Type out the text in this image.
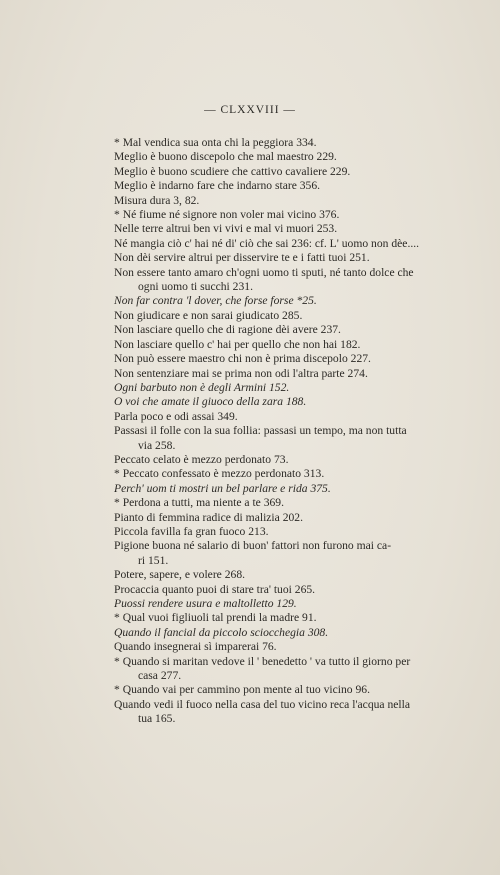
— CLXXVIII —
* Mal vendica sua onta chi la peggiora 334.
Meglio è buono discepolo che mal maestro 229.
Meglio è buono scudiere che cattivo cavaliere 229.
Meglio è indarno fare che indarno stare 356.
Misura dura 3, 82.
* Né fiume né signore non voler mai vicino 376.
Nelle terre altrui ben vi vivi e mal vi muori 253.
Né mangia ciò c' hai né di' ciò che sai 236: cf. L' uomo non dèe....
Non dèi servire altrui per disservire te e i fatti tuoi 251.
Non essere tanto amaro ch'ogni uomo ti sputi, né tanto dolce che
ogni uomo ti succhi 231.
Non far contra 'l dover, che forse forse *25.
Non giudicare e non sarai giudicato 285.
Non lasciare quello che di ragione dèi avere 237.
Non lasciare quello c' hai per quello che non hai 182.
Non può essere maestro chi non è prima discepolo 227.
Non sentenziare mai se prima non odi l'altra parte 274.
Ogni barbuto non è degli Armini 152.
O voi che amate il giuoco della zara 188.
Parla poco e odi assai 349.
Passasi il folle con la sua follia: passasi un tempo, ma non tutta
via 258.
Peccato celato è mezzo perdonato 73.
* Peccato confessato è mezzo perdonato 313.
Perch' uom ti mostri un bel parlare e rida 375.
* Perdona a tutti, ma niente a te 369.
Pianto di femmina radice di malizia 202.
Piccola favilla fa gran fuoco 213.
Pigione buona né salario di buon' fattori non furono mai ca-
ri 151.
Potere, sapere, e volere 268.
Procaccia quanto puoi di stare tra' tuoi 265.
Puossi rendere usura e maltolletto 129.
* Qual vuoi figliuoli tal prendi la madre 91.
Quando il fancial da piccolo sciocchegia 308.
Quando insegnerai sì imparerai 76.
* Quando si maritan vedove il ' benedetto ' va tutto il giorno per
casa 277.
* Quando vai per cammino pon mente al tuo vicino 96.
Quando vedi il fuoco nella casa del tuo vicino reca l'acqua nella
tua 165.
